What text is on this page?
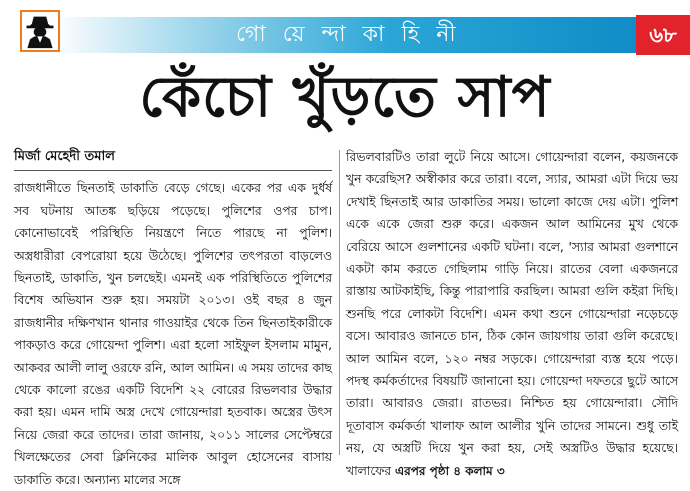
গো য়ে ন্দা কা হি নী	৬৮
কেঁচো খুঁড়তে সাপ
মির্জা মেহেদী তমাল
রাজধানীতে ছিনতাই ডাকাতি বেড়ে গেছে। একের পর এক দুর্ধর্ষ সব ঘটনায় আতঙ্ক ছড়িয়ে পড়েছে। পুলিশের ওপর চাপ। কোনোভাবেই পরিস্থিতি নিয়ন্ত্রণে নিতে পারছে না পুলিশ। অস্ত্রধারীরা বেপরোয়া হয়ে উঠেছে। পুলিশের তৎপরতা বাড়লেও ছিনতাই, ডাকাতি, খুন চলছেই। এমনই এক পরিস্থিতিতে পুলিশের বিশেষ অভিযান শুরু হয়। সময়টা ২০১৩। ওই বছর ৪ জুন রাজধানীর দক্ষিণখান থানার গাওয়াইর থেকে তিন ছিনতাইকারীকে পাকড়াও করে গোয়েন্দা পুলিশ। এরা হলো সাইফুল ইসলাম মামুন, আকবর আলী লালু ওরফে রনি, আল আমিন। এ সময় তাদের কাছ থেকে কালো রঙের একটি বিদেশি ২২ বোরের রিভলবার উদ্ধার করা হয়। এমন দামি অস্ত্র দেখে গোয়েন্দারা হতবাক। অস্ত্রের উৎস নিয়ে জেরা করে তাদের। তারা জানায়, ২০১১ সালের সেপ্টেম্বরে খিলক্ষেতের সেবা ক্লিনিকের মালিক আবুল হোসেনের বাসায় ডাকাতি করে। অন্যান্য মালের সঙ্গে
রিভলবারটিও তারা লুটে নিয়ে আসে। গোয়েন্দারা বলেন, কয়জনকে খুন করেছিস? অস্বীকার করে তারা। বলে, স্যার, আমরা এটা দিয়ে ভয় দেখাই ছিনতাই আর ডাকাতির সময়। ভালো কাজে দেয় এটা। পুলিশ একে একে জেরা শুরু করে। একজন আল আমিনের মুখ থেকে বেরিয়ে আসে গুলশানের একটি ঘটনা। বলে, 'স্যার আমরা গুলশানে একটা কাম করতে গেছিলাম গাড়ি নিয়ে। রাতের বেলা একজনরে রাস্তায় আটকাইছি, কিন্তু পারাপারি করছিল। আমরা গুলি কইরা দিছি। শুনছি পরে লোকটা বিদেশি। এমন কথা শুনে গোয়েন্দারা নড়েচড়ে বসে। আবারও জানতে চান, ঠিক কোন জায়গায় তারা গুলি করেছে। আল আমিন বলে, ১২০ নম্বর সড়কে। গোয়েন্দারা ব্যস্ত হয়ে পড়ে। পদস্থ কর্মকর্তাদের বিষয়টি জানানো হয়। গোয়েন্দা দফতরে ছুটে আসে তারা। আবারও জেরা। রাতভর। নিশ্চিত হয় গোয়েন্দারা। সৌদি দূতাবাস কর্মকর্তা খালাফ আল আলীর খুনি তাদের সামনে। শুধু তাই নয়, যে অস্ত্রটি দিয়ে খুন করা হয়, সেই অস্ত্রটিও উদ্ধার হয়েছে। খালাফের এরপর পৃষ্ঠা ৪ কলাম ৩
